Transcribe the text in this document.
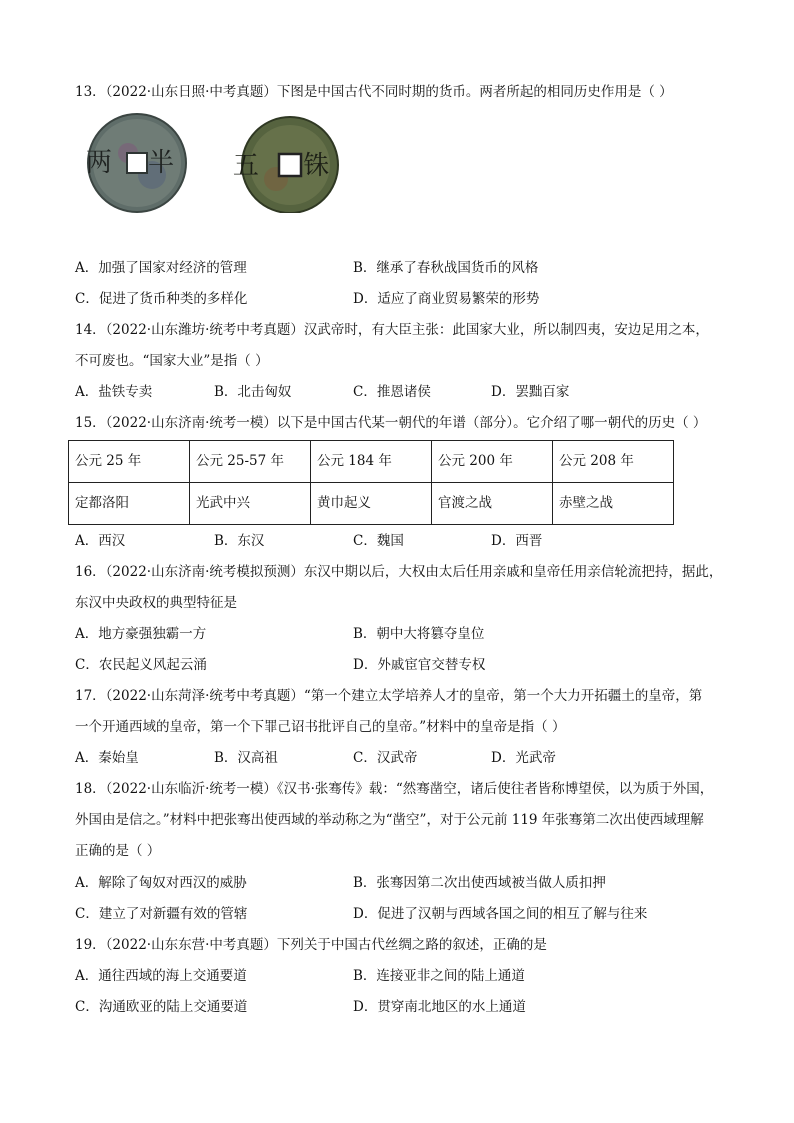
13．（2022·山东日照·中考真题）下图是中国古代不同时期的货币。两者所起的相同历史作用是（ ）
两 半 五 铢
A．加强了国家对经济的管理	B．继承了春秋战国货币的风格
C．促进了货币种类的多样化	D．适应了商业贸易繁荣的形势
14．（2022·山东潍坊·统考中考真题）汉武帝时，有大臣主张：此国家大业，所以制四夷，安边足用之本，
不可废也。“国家大业”是指（ ）
A．盐铁专卖	B．北击匈奴	C．推恩诸侯	D．罢黜百家
15．（2022·山东济南·统考一模）以下是中国古代某一朝代的年谱（部分）。它介绍了哪一朝代的历史（ ）
公元 25 年	公元 25-57 年	公元 184 年	公元 200 年	公元 208 年
定都洛阳	光武中兴	黄巾起义	官渡之战	赤壁之战
A．西汉	B．东汉	C．魏国	D．西晋
16．（2022·山东济南·统考模拟预测）东汉中期以后，大权由太后任用亲戚和皇帝任用亲信轮流把持，据此，
东汉中央政权的典型特征是
A．地方豪强独霸一方	B．朝中大将篡夺皇位
C．农民起义风起云涌	D．外戚宦官交替专权
17．（2022·山东菏泽·统考中考真题）“第一个建立太学培养人才的皇帝，第一个大力开拓疆土的皇帝，第
一个开通西域的皇帝，第一个下罪己诏书批评自己的皇帝。”材料中的皇帝是指（ ）
A．秦始皇	B．汉高祖	C．汉武帝	D．光武帝
18．（2022·山东临沂·统考一模）《汉书·张骞传》载：“然骞凿空，诸后使往者皆称博望侯，以为质于外国，
外国由是信之。”材料中把张骞出使西域的举动称之为“凿空”，对于公元前 119 年张骞第二次出使西域理解
正确的是（ ）
A．解除了匈奴对西汉的威胁	B．张骞因第二次出使西域被当做人质扣押
C．建立了对新疆有效的管辖	D．促进了汉朝与西域各国之间的相互了解与往来
19．（2022·山东东营·中考真题）下列关于中国古代丝绸之路的叙述，正确的是
A．通往西域的海上交通要道	B．连接亚非之间的陆上通道
C．沟通欧亚的陆上交通要道	D．贯穿南北地区的水上通道
